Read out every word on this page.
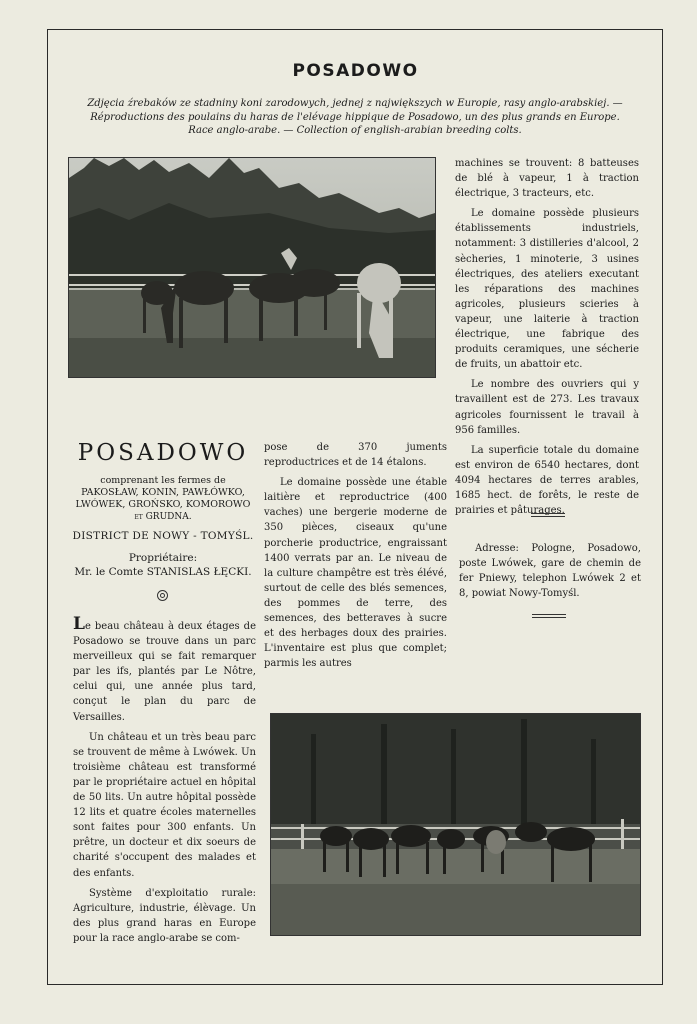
POSADOWO
Zdjęcia źrebaków ze stadniny koni zarodowych, jednej z największych w Europie, rasy anglo-arabskiej. —
Réproductions des poulains du haras de l'elévage hippique de Posadowo, un des plus grands en Europe.
Race anglo-arabe. — Collection of english-arabian breeding colts.

machines se trouvent: 8 batteuses de blé à vapeur, 1 à traction électrique, 3 tracteurs, etc.

Le domaine possède plusieurs établissements industriels, notamment: 3 distilleries d'alcool, 2 sècheries, 1 minoterie, 3 usines électriques, des ateliers executant les réparations des machines agricoles, plusieurs scieries à vapeur, une laiterie à traction électrique, une fabrique des produits ceramiques, une sécherie de fruits, un abattoir etc.

Le nombre des ouvriers qui y travaillent est de 273. Les travaux agricoles fournissent le travail à 956 familles.

La superficie totale du domaine est environ de 6540 hectares, dont 4094 hectares de terres arables, 1685 hect. de forêts, le reste de prairies et pâturages.

Adresse: Pologne, Posadowo, poste Lwówek, gare de chemin de fer Pniewy, telephon Lwówek 2 et 8, powiat Nowy-Tomyśl.

POSADOWO
comprenant les fermes de
PAKOSŁAW, KONIN, PAWŁÓWKO,
LWÓWEK, GROŃSKO, KOMOROWO
et GRUDNA.
DISTRICT DE NOWY - TOMYŚL.
Propriétaire:
Mr. le Comte STANISLAS ŁĘCKI.

Le beau château à deux étages de Posadowo se trouve dans un parc merveilleux qui se fait remarquer par les ifs, plantés par Le Nôtre, celui qui, une année plus tard, conçut le plan du parc de Versailles.

Un château et un très beau parc se trouvent de même à Lwówek. Un troisième château est transformé par le propriétaire actuel en hôpital de 50 lits. Un autre hôpital possède 12 lits et quatre écoles maternelles sont faites pour 300 enfants. Un prêtre, un docteur et dix soeurs de charité s'occupent des malades et des enfants.

Système d'exploitatio rurale: Agriculture, industrie, élèvage. Un des plus grand haras en Europe pour la race anglo-arabe se com-

pose de 370 juments reproductrices et de 14 étalons.

Le domaine possède une étable laitière et reproductrice (400 vaches) une bergerie moderne de 350 pièces, ciseaux qu'une porcherie productrice, engraissant 1400 verrats par an. Le niveau de la culture champêtre est très élévé, surtout de celle des blés semences, des pommes de terre, des semences, des betteraves à sucre et des herbages doux des prairies. L'inventaire est plus que complet; parmis les autres
